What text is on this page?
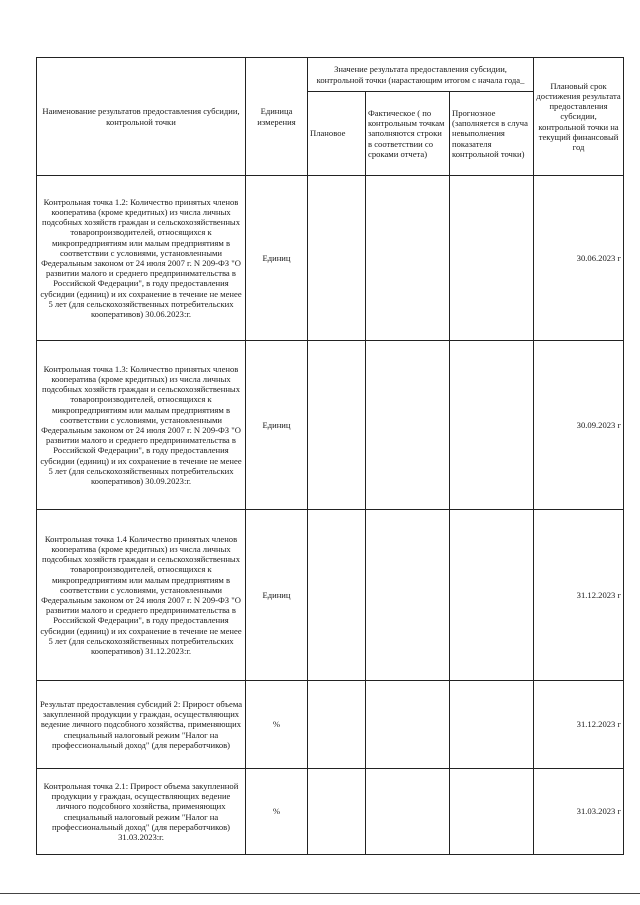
Наименование результатов предоставления субсидии, контрольной точки	Единица измерения	Значение результата предоставления субсидии, контрольной точки (нарастающим итогом с начала года_			Плановый срок достижения результата предоставления субсидии, контрольной точки на текущий финансовый год
		Плановое	Фактическое ( по контрольным точкам заполняются строки в соответствии со сроками отчета)	Прогнозное (заполняется в случа невыполнения показателя контрольной точки)	
Контрольная точка 1.2: Количество принятых членов кооператива (кроме кредитных) из числа личных подсобных хозяйств граждан и сельскохозяйственных товаропроизводителей, относящихся к микропредприятиям или малым предприятиям в соответствии с условиями, установленными Федеральным законом от 24 июля 2007 г. N 209-ФЗ "О развитии малого и среднего предпринимательства в Российской Федерации", в году предоставления субсидии (единиц) и их сохранение в течение не менее 5 лет (для сельскохозяйственных потребительских кооперативов) 30.06.2023:г.	Единиц				30.06.2023 г
Контрольная точка 1.3: Количество принятых членов кооператива (кроме кредитных) из числа личных подсобных хозяйств граждан и сельскохозяйственных товаропроизводителей, относящихся к микропредприятиям или малым предприятиям в соответствии с условиями, установленными Федеральным законом от 24 июля 2007 г. N 209-ФЗ "О развитии малого и среднего предпринимательства в Российской Федерации", в году предоставления субсидии (единиц) и их сохранение в течение не менее 5 лет (для сельскохозяйственных потребительских кооперативов) 30.09.2023:г.	Единиц				30.09.2023 г
Контрольная точка 1.4 Количество принятых членов кооператива (кроме кредитных) из числа личных подсобных хозяйств граждан и сельскохозяйственных товаропроизводителей, относящихся к микропредприятиям или малым предприятиям в соответствии с условиями, установленными Федеральным законом от 24 июля 2007 г. N 209-ФЗ "О развитии малого и среднего предпринимательства в Российской Федерации", в году предоставления субсидии (единиц) и их сохранение в течение не менее 5 лет (для сельскохозяйственных потребительских кооперативов) 31.12.2023:г.	Единиц				31.12.2023 г
Результат предоставления субсидий 2: Прирост объема закупленной продукции у граждан, осуществляющих ведение личного подсобного хозяйства, применяющих специальный налоговый режим "Налог на профессиональный доход" (для переработчиков)	%				31.12.2023 г
Контрольная точка 2.1: Прирост объема закупленной продукции у граждан, осуществляющих ведение личного подсобного хозяйства, применяющих специальный налоговый режим "Налог на профессиональный доход" (для переработчиков) 31.03.2023:г.	%				31.03.2023 г
